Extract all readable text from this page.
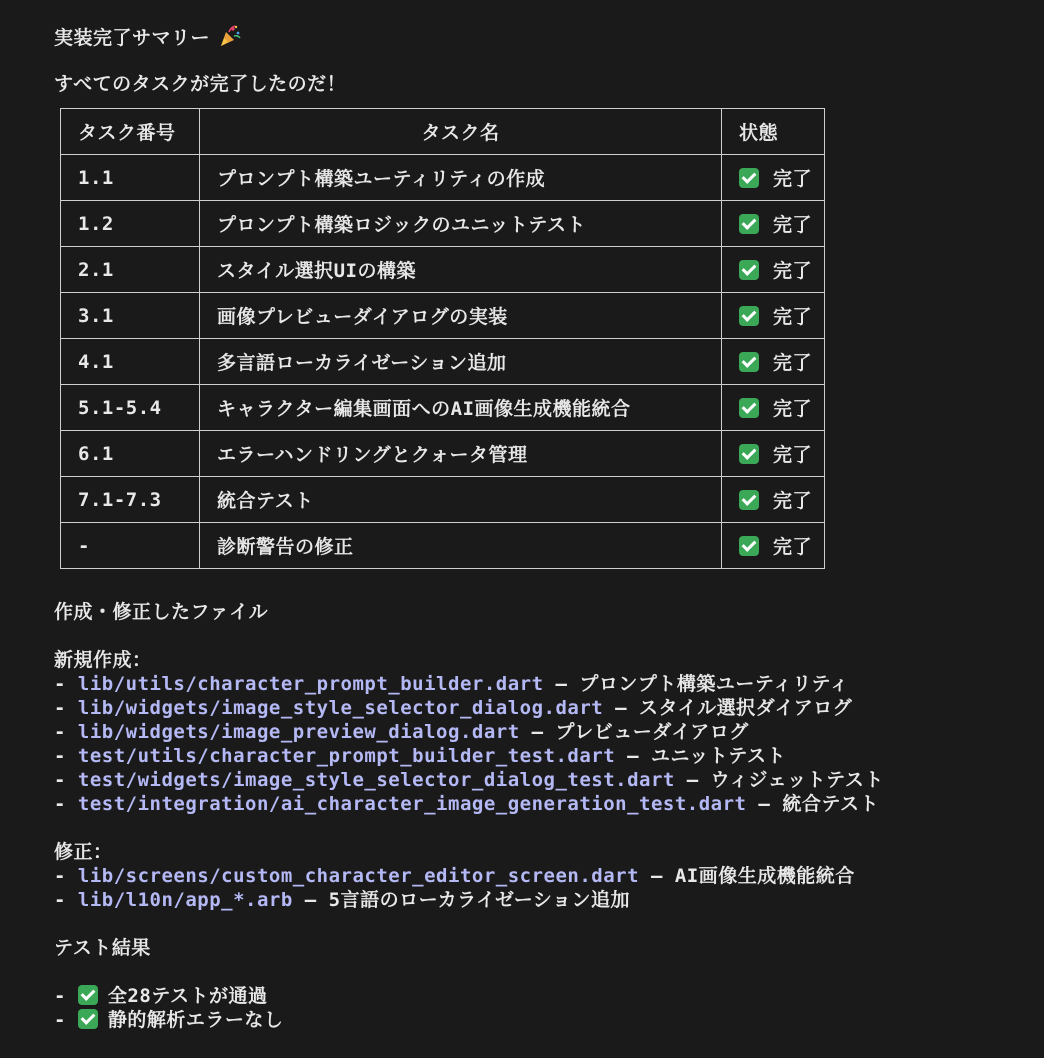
実装完了サマリー
すべてのタスクが完了したのだ！
タスク番号	タスク名	状態
1.1	プロンプト構築ユーティリティの作成	完了
1.2	プロンプト構築ロジックのユニットテスト	完了
2.1	スタイル選択UIの構築	完了
3.1	画像プレビューダイアログの実装	完了
4.1	多言語ローカライゼーション追加	完了
5.1-5.4	キャラクター編集画面へのAI画像生成機能統合	完了
6.1	エラーハンドリングとクォータ管理	完了
7.1-7.3	統合テスト	完了
-	診断警告の修正	完了
作成・修正したファイル
新規作成：
- lib/utils/character_prompt_builder.dart – プロンプト構築ユーティリティ
- lib/widgets/image_style_selector_dialog.dart – スタイル選択ダイアログ
- lib/widgets/image_preview_dialog.dart – プレビューダイアログ
- test/utils/character_prompt_builder_test.dart – ユニットテスト
- test/widgets/image_style_selector_dialog_test.dart – ウィジェットテスト
- test/integration/ai_character_image_generation_test.dart – 統合テスト
修正：
- lib/screens/custom_character_editor_screen.dart – AI画像生成機能統合
- lib/l10n/app_*.arb – 5言語のローカライゼーション追加
テスト結果
- 全28テストが通過
- 静的解析エラーなし
